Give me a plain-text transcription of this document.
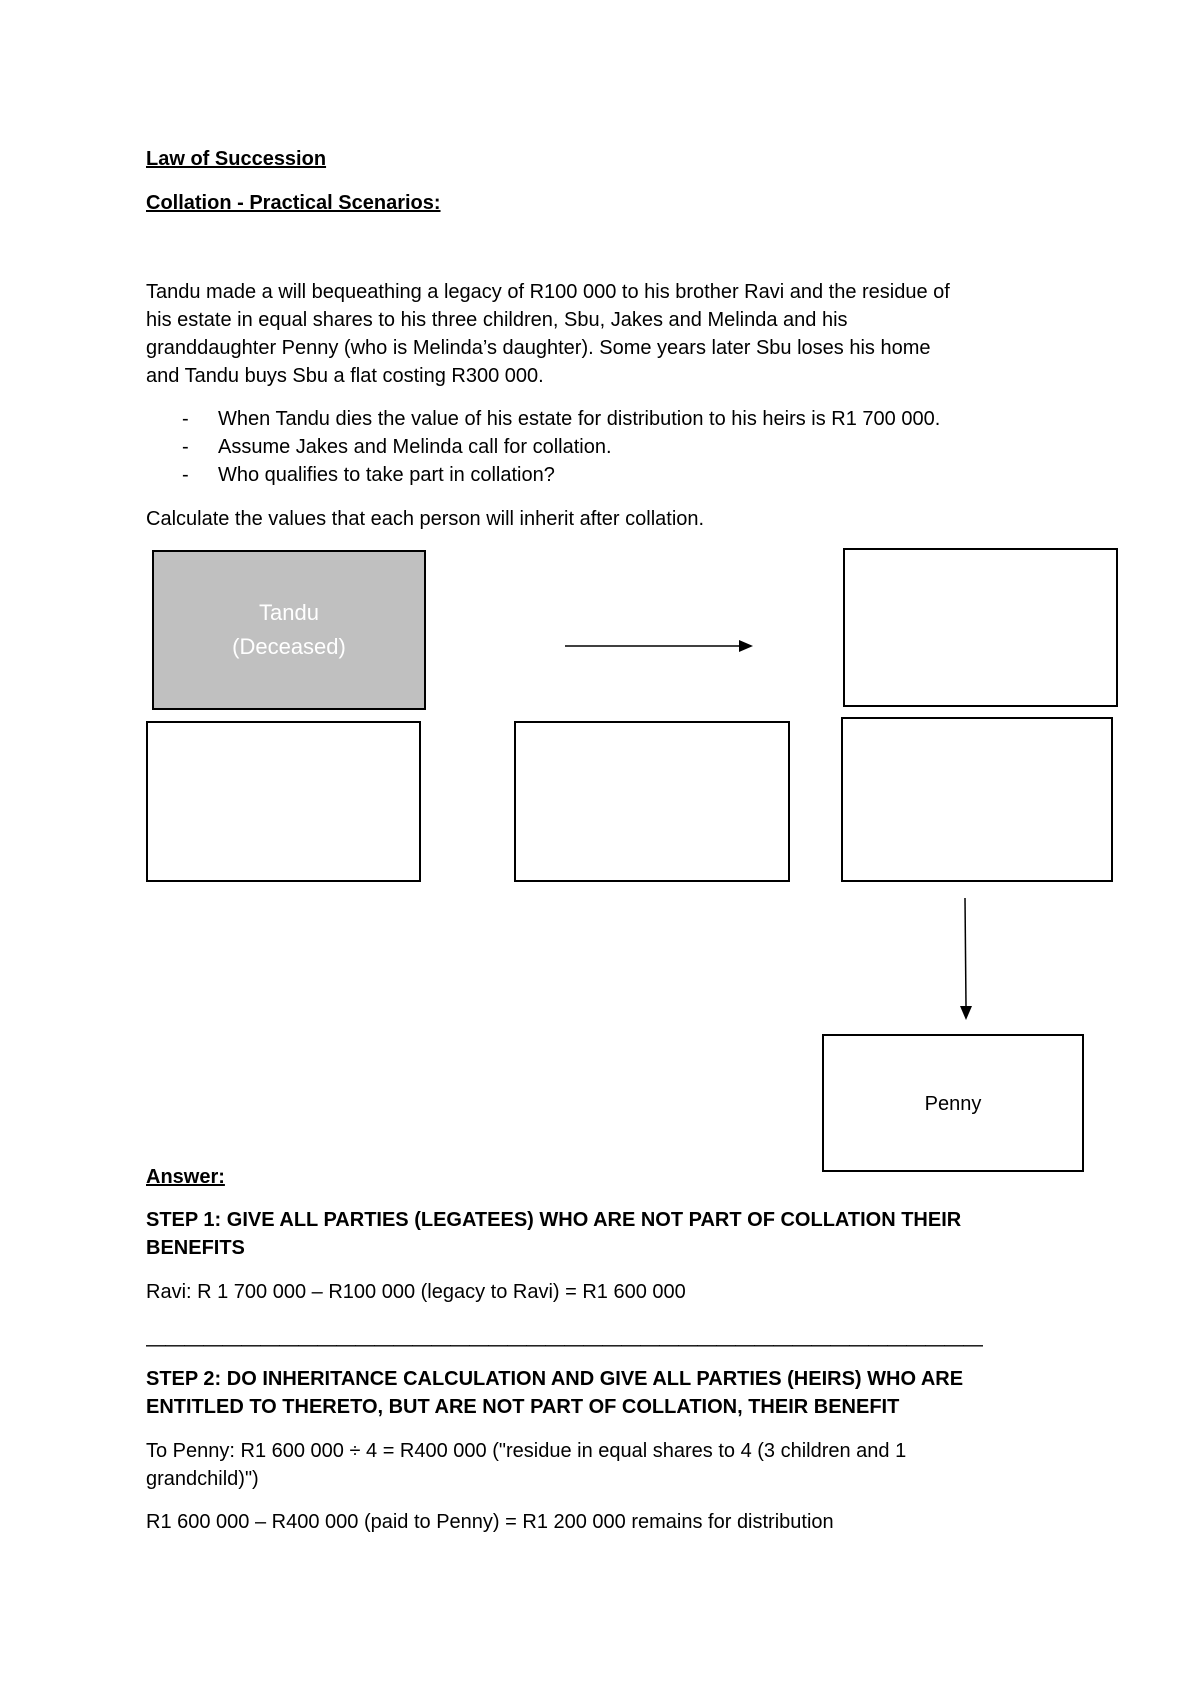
Law of Succession

Collation - Practical Scenarios:

Tandu made a will bequeathing a legacy of R100 000 to his brother Ravi and the residue of

his estate in equal shares to his three children, Sbu, Jakes and Melinda and his

granddaughter Penny (who is Melinda’s daughter). Some years later Sbu loses his home

and Tandu buys Sbu a flat costing R300 000.

- When Tandu dies the value of his estate for distribution to his heirs is R1 700 000.
- Assume Jakes and Melinda call for collation.
- Who qualifies to take part in collation?

Calculate the values that each person will inherit after collation.

Tandu
(Deceased)
Penny

Answer:

STEP 1: GIVE ALL PARTIES (LEGATEES) WHO ARE NOT PART OF COLLATION THEIR

BENEFITS

Ravi: R 1 700 000 – R100 000 (legacy to Ravi) = R1 600 000

————————————————————————————————————————————

STEP 2: DO INHERITANCE CALCULATION AND GIVE ALL PARTIES (HEIRS) WHO ARE

ENTITLED TO THERETO, BUT ARE NOT PART OF COLLATION, THEIR BENEFIT

To Penny: R1 600 000 ÷ 4 = R400 000 ("residue in equal shares to 4 (3 children and 1

grandchild)")

R1 600 000 – R400 000 (paid to Penny) = R1 200 000 remains for distribution
